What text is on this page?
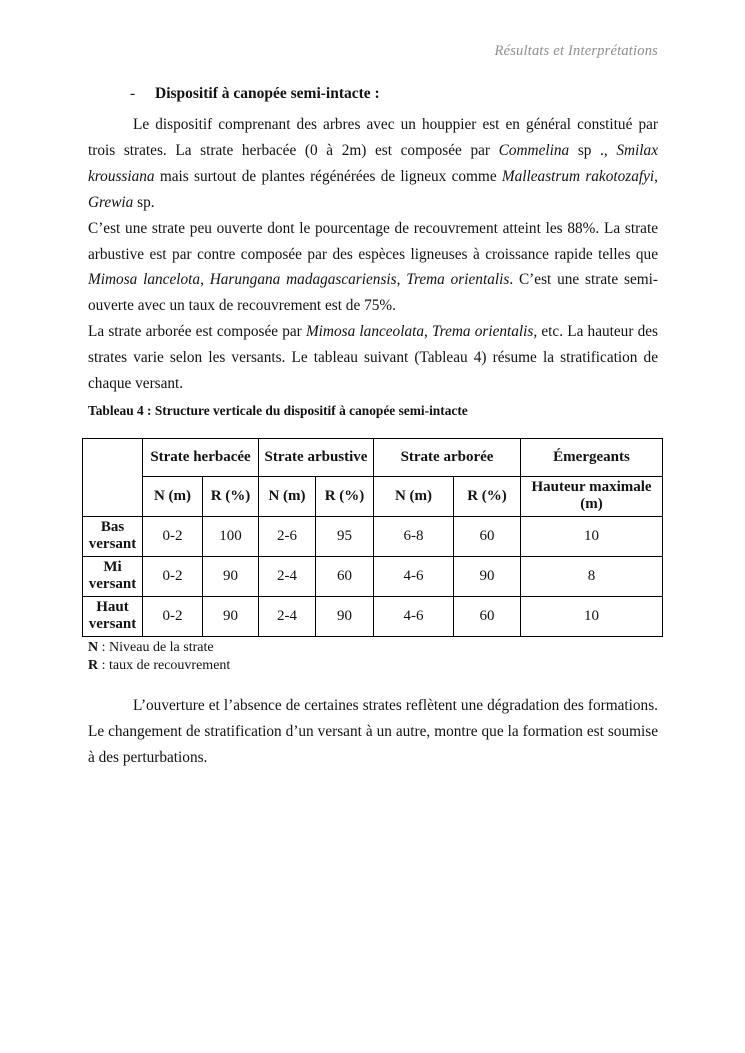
Résultats et Interprétations
- Dispositif à canopée semi-intacte :

Le dispositif comprenant des arbres avec un houppier est en général constitué par trois strates. La strate herbacée (0 à 2m) est composée par Commelina sp ., Smilax kroussiana mais surtout de plantes régénérées de ligneux comme Malleastrum rakotozafyi, Grewia sp.

C’est une strate peu ouverte dont le pourcentage de recouvrement atteint les 88%. La strate arbustive est par contre composée par des espèces ligneuses à croissance rapide telles que Mimosa lancelota, Harungana madagascariensis, Trema orientalis. C’est une strate semi-ouverte avec un taux de recouvrement est de 75%.

La strate arborée est composée par Mimosa lanceolata, Trema orientalis, etc. La hauteur des strates varie selon les versants. Le tableau suivant (Tableau 4) résume la stratification de chaque versant.

Tableau 4 : Structure verticale du dispositif à canopée semi-intacte
	Strate herbacée		Strate arbustive		Strate arborée		Émergeants
	N (m)	R (%)	N (m)	R (%)	N (m)	R (%)	Hauteur maximale (m)
Bas versant	0-2	100	2-6	95	6-8	60	10
Mi versant	0-2	90	2-4	60	4-6	90	8
Haut versant	0-2	90	2-4	90	4-6	60	10
N : Niveau de la strate
R : taux de recouvrement

L’ouverture et l’absence de certaines strates reflètent une dégradation des formations. Le changement de stratification d’un versant à un autre, montre que la formation est soumise à des perturbations.
